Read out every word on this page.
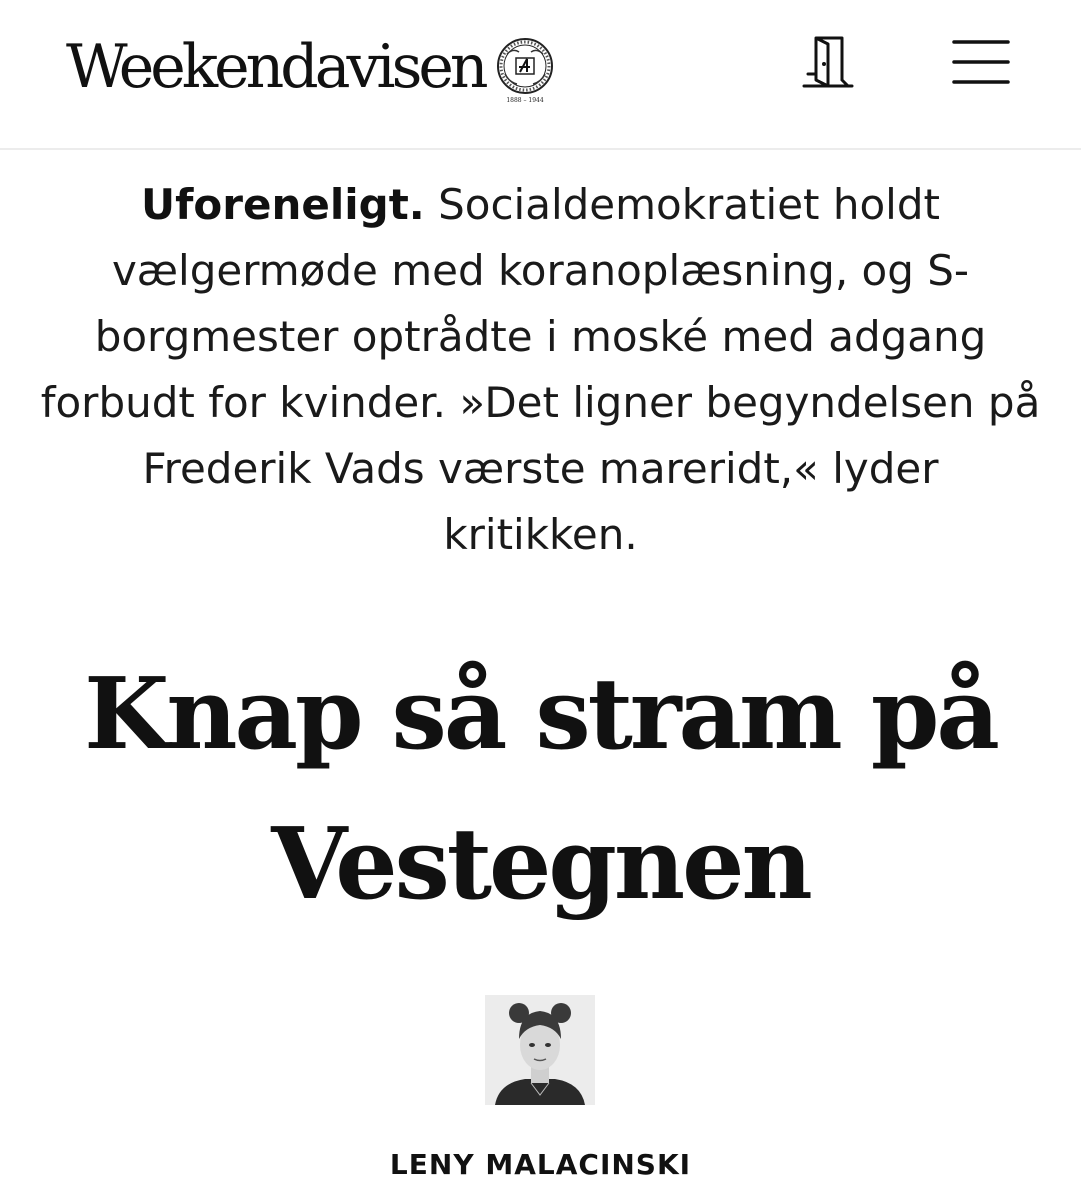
Weekendavisen	1888 – 1944

Uforeneligt. Socialdemokratiet holdt vælgermøde med koranoplæsning, og S-borgmester optrådte i moské med adgang forbudt for kvinder. »Det ligner begyndelsen på Frederik Vads værste mareridt,« lyder kritikken.

Knap så stram på Vestegnen
LENY MALACINSKI
